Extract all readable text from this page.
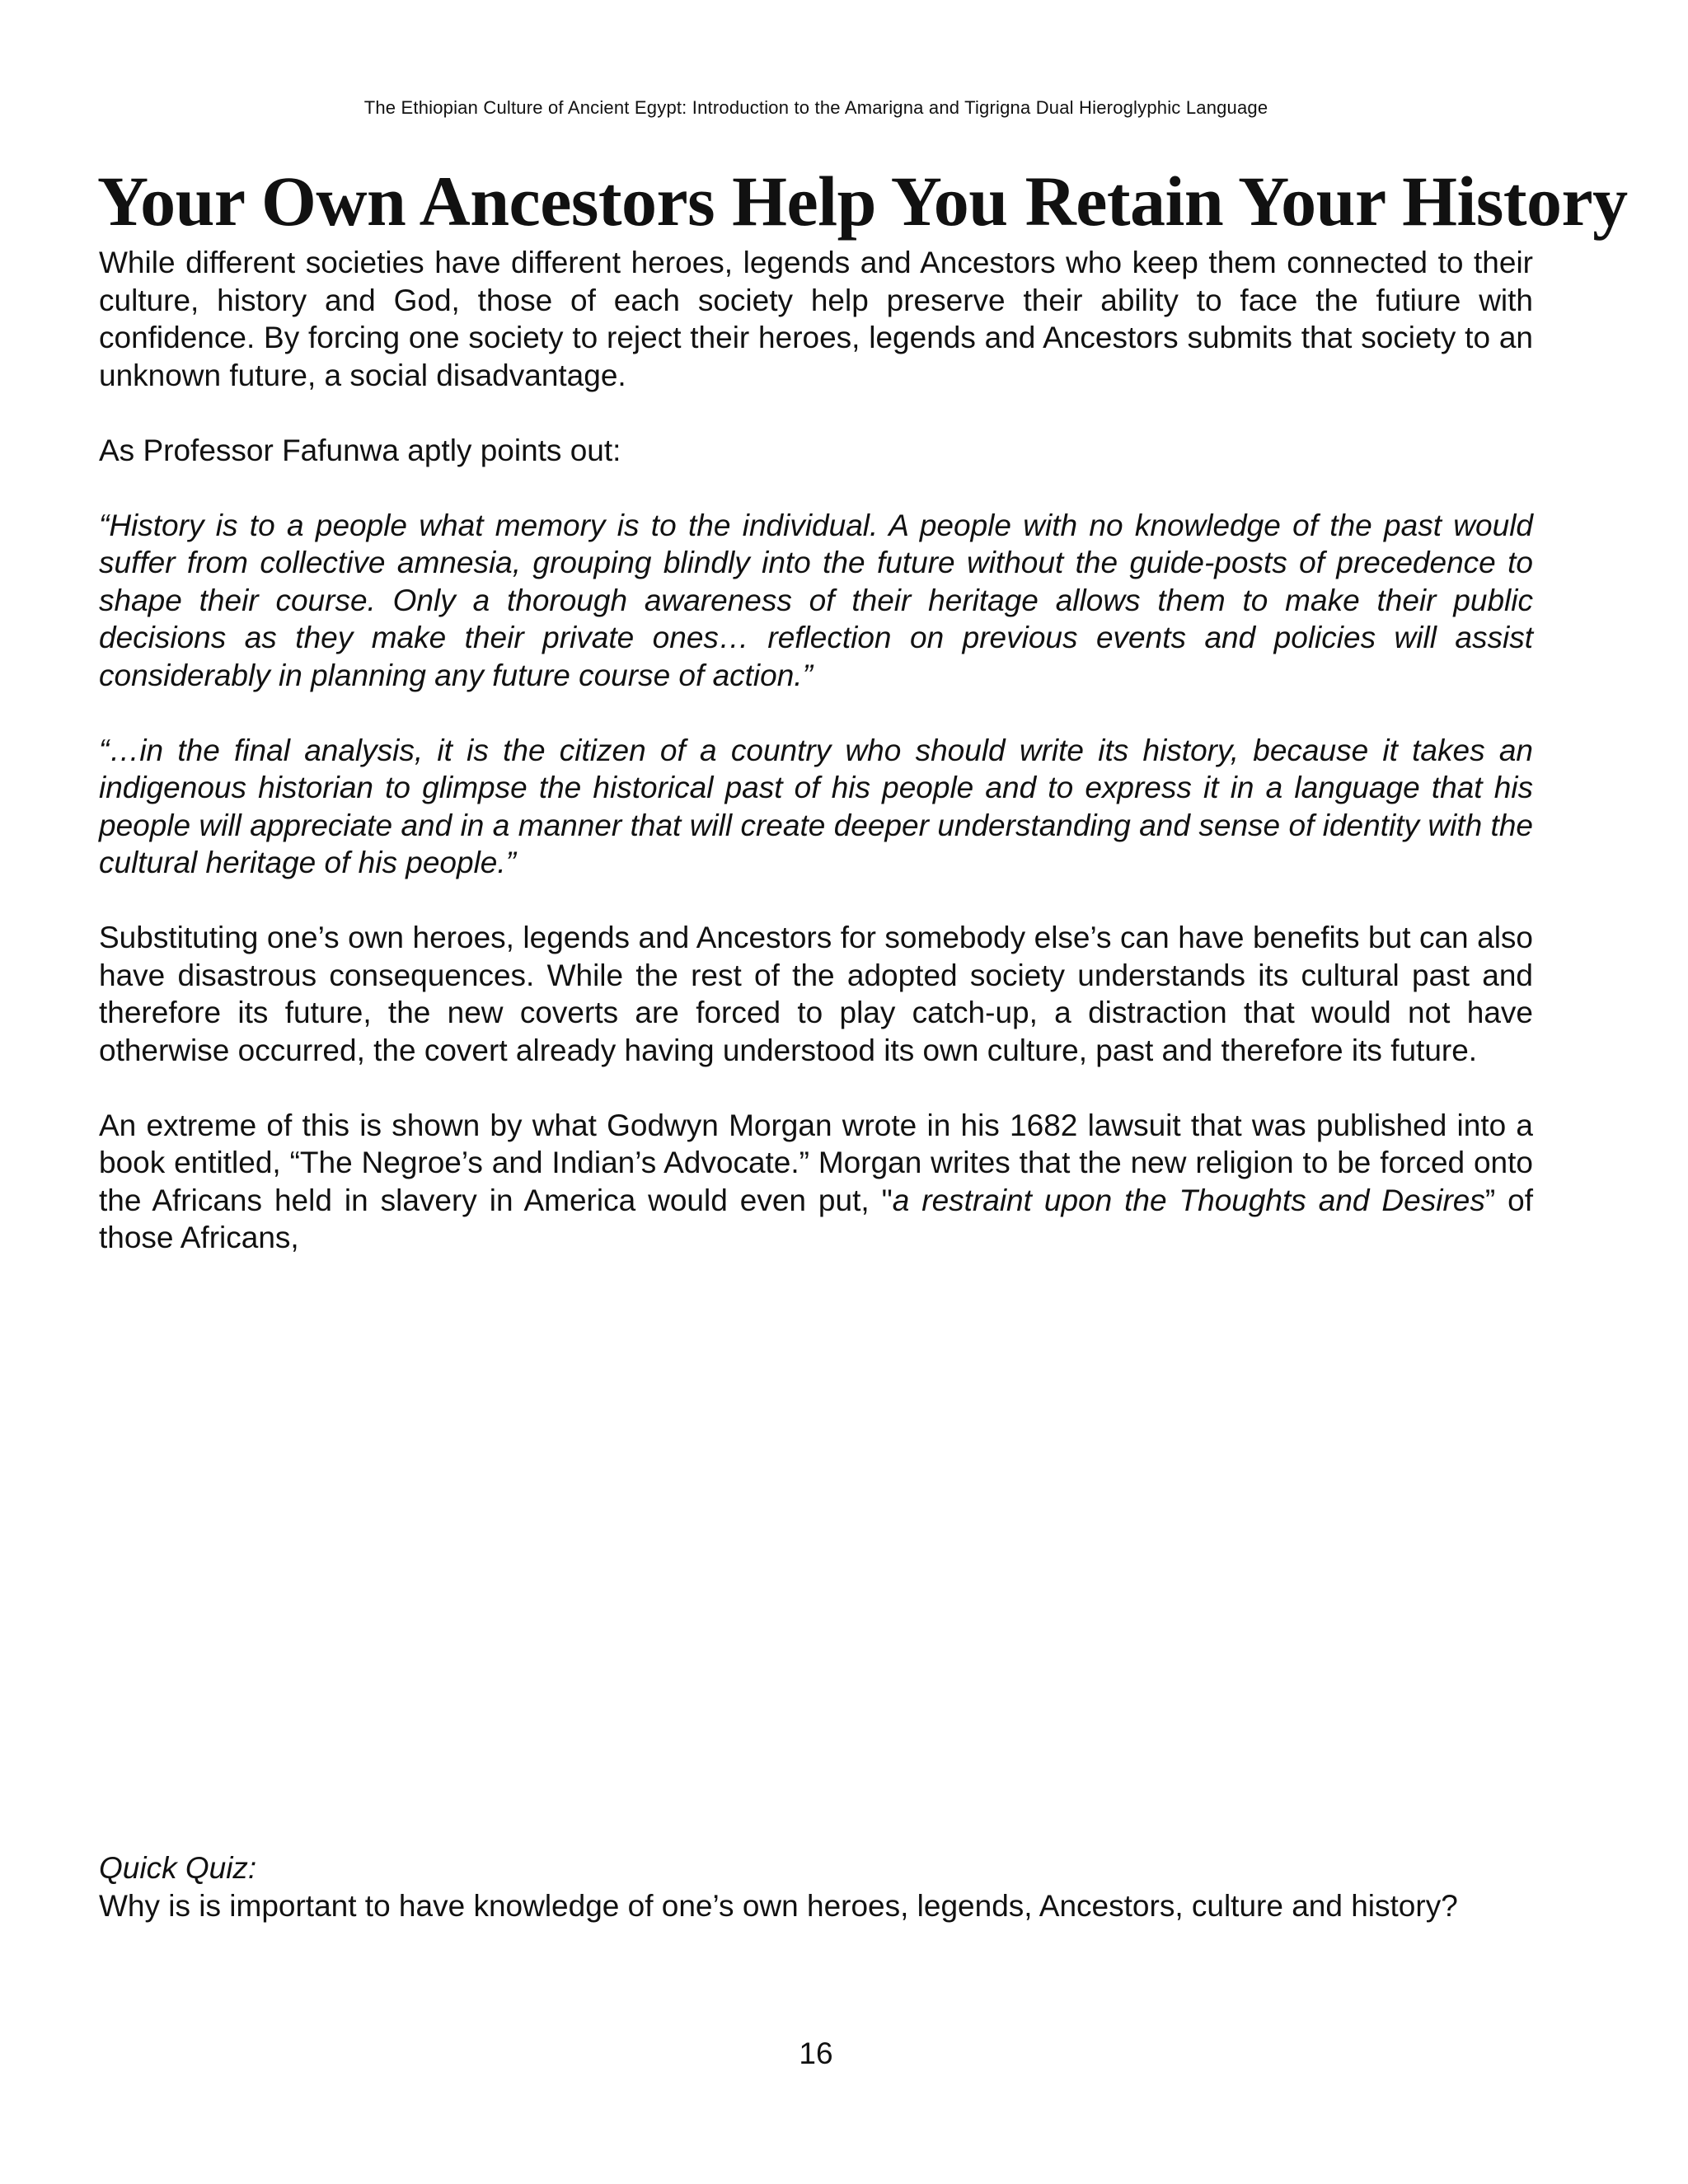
The Ethiopian Culture of Ancient Egypt: Introduction to the Amarigna and Tigrigna Dual Hieroglyphic Language
Your Own Ancestors Help You Retain Your History

While different societies have different heroes, legends and Ancestors who keep them connected to their culture, history and God, those of each society help preserve their ability to face the futiure with confidence. By forcing one society to reject their heroes, legends and Ancestors submits that society to an unknown future, a social disadvantage.

As Professor Fafunwa aptly points out:

“History is to a people what memory is to the individual. A people with no knowledge of the past would suffer from collective amnesia, grouping blindly into the future without the guide-posts of precedence to shape their course. Only a thorough awareness of their heritage allows them to make their public decisions as they make their private ones… reflection on previous events and policies will assist considerably in planning any future course of action.”

“…in the final analysis, it is the citizen of a country who should write its history, because it takes an indigenous historian to glimpse the historical past of his people and to express it in a language that his people will appreciate and in a manner that will create deeper understanding and sense of identity with the cultural heritage of his people.”

Substituting one’s own heroes, legends and Ancestors for somebody else’s can have benefits but can also have disastrous consequences. While the rest of the adopted society understands its cultural past and therefore its future, the new coverts are forced to play catch-up, a distraction that would not have otherwise occurred, the covert already having understood its own culture, past and therefore its future.

An extreme of this is shown by what Godwyn Morgan wrote in his 1682 lawsuit that was published into a book entitled, “The Negroe’s and Indian’s Advocate.” Morgan writes that the new religion to be forced onto the Africans held in slavery in America would even put, "a restraint upon the Thoughts and Desires” of those Africans,

Quick Quiz:
Why is is important to have knowledge of one’s own heroes, legends, Ancestors, culture and history?
16
